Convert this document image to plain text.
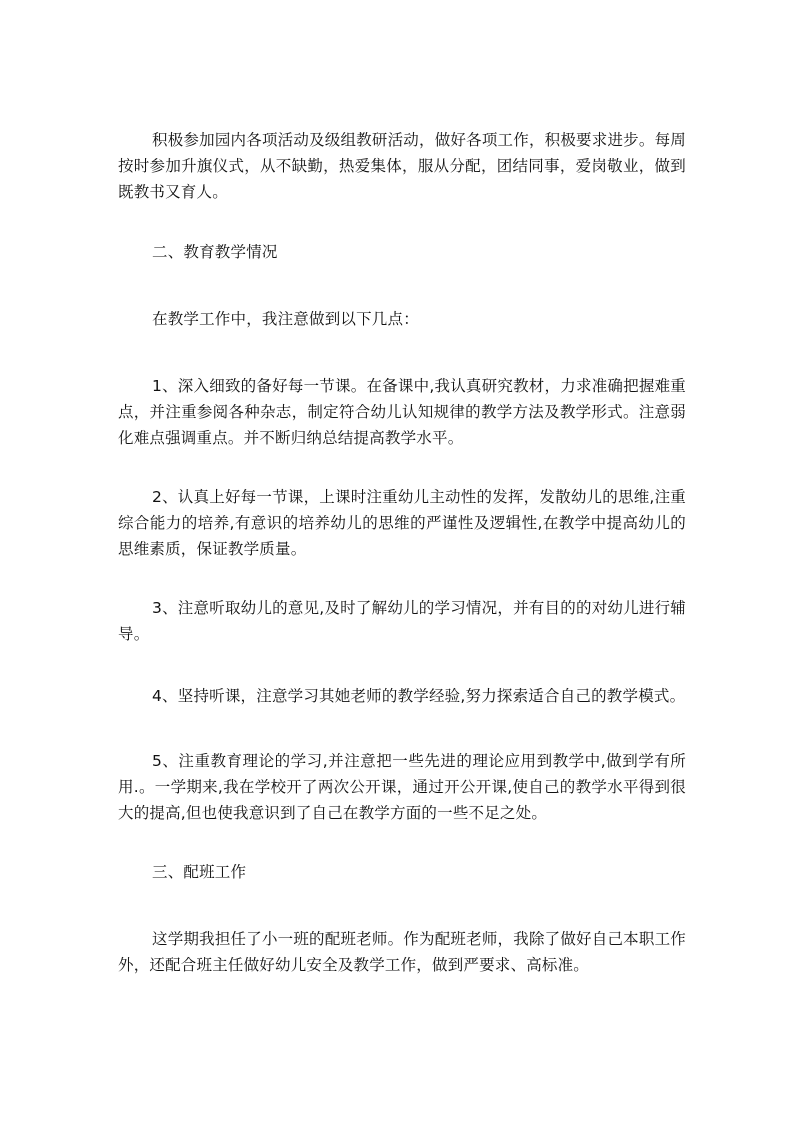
积极参加园内各项活动及级组教研活动，做好各项工作，积极要求进步。每周按时参加升旗仪式，从不缺勤，热爱集体，服从分配，团结同事，爱岗敬业，做到既教书又育人。

二、教育教学情况

在教学工作中，我注意做到以下几点：

1、深入细致的备好每一节课。在备课中,我认真研究教材，力求准确把握难重点，并注重参阅各种杂志，制定符合幼儿认知规律的教学方法及教学形式。注意弱化难点强调重点。并不断归纳总结提高教学水平。

2、认真上好每一节课，上课时注重幼儿主动性的发挥，发散幼儿的思维,注重综合能力的培养,有意识的培养幼儿的思维的严谨性及逻辑性,在教学中提高幼儿的思维素质，保证教学质量。

3、注意听取幼儿的意见,及时了解幼儿的学习情况，并有目的的对幼儿进行辅导。

4、坚持听课，注意学习其她老师的教学经验,努力探索适合自己的教学模式。

5、注重教育理论的学习,并注意把一些先进的理论应用到教学中,做到学有所用.。一学期来,我在学校开了两次公开课，通过开公开课,使自己的教学水平得到很大的提高,但也使我意识到了自己在教学方面的一些不足之处。

三、配班工作

这学期我担任了小一班的配班老师。作为配班老师，我除了做好自己本职工作外，还配合班主任做好幼儿安全及教学工作，做到严要求、高标准。
